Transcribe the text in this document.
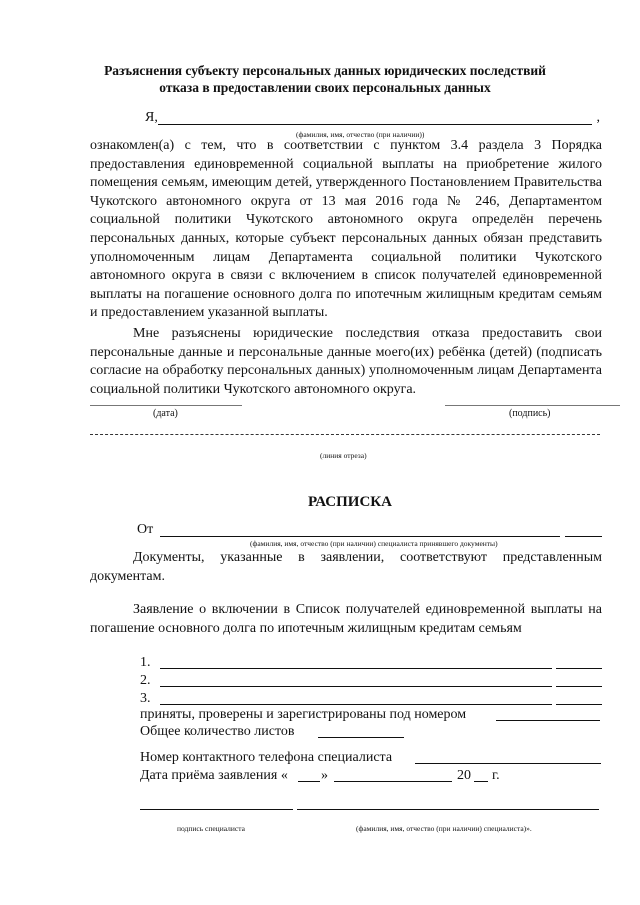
Разъяснения субъекту персональных данных юридических последствий
отказа в предоставлении своих персональных данных
Я,	,
(фамилия, имя, отчество (при наличии))
ознакомлен(а) с тем, что в соответствии с пунктом 3.4 раздела 3 Порядка предоставления единовременной социальной выплаты на приобретение жилого помещения семьям, имеющим детей, утвержденного Постановлением Правительства Чукотского автономного округа от 13 мая 2016 года № 246, Департаментом социальной политики Чукотского автономного округа определён перечень персональных данных, которые субъект персональных данных обязан представить уполномоченным лицам Департамента социальной политики Чукотского автономного округа в связи с включением в список получателей единовременной выплаты на погашение основного долга по ипотечным жилищным кредитам семьям и предоставлением указанной выплаты.
Мне разъяснены юридические последствия отказа предоставить свои персональные данные и персональные данные моего(их) ребёнка (детей) (подписать согласие на обработку персональных данных) уполномоченным лицам Департамента социальной политики Чукотского автономного округа.
(дата)	(подпись)
(линия отреза)
РАСПИСКА
От
(фамилия, имя, отчество (при наличии) специалиста принявшего документы)
Документы, указанные в заявлении, соответствуют представленным документам.
Заявление о включении в Список получателей единовременной выплаты на погашение основного долга по ипотечным жилищным кредитам семьям
1.
2.
3.
приняты, проверены и зарегистрированы под номером
Общее количество листов
Номер контактного телефона специалиста
Дата приёма заявления « »	20 г.
подпись специалиста	(фамилия, имя, отчество (при наличии) специалиста)».
